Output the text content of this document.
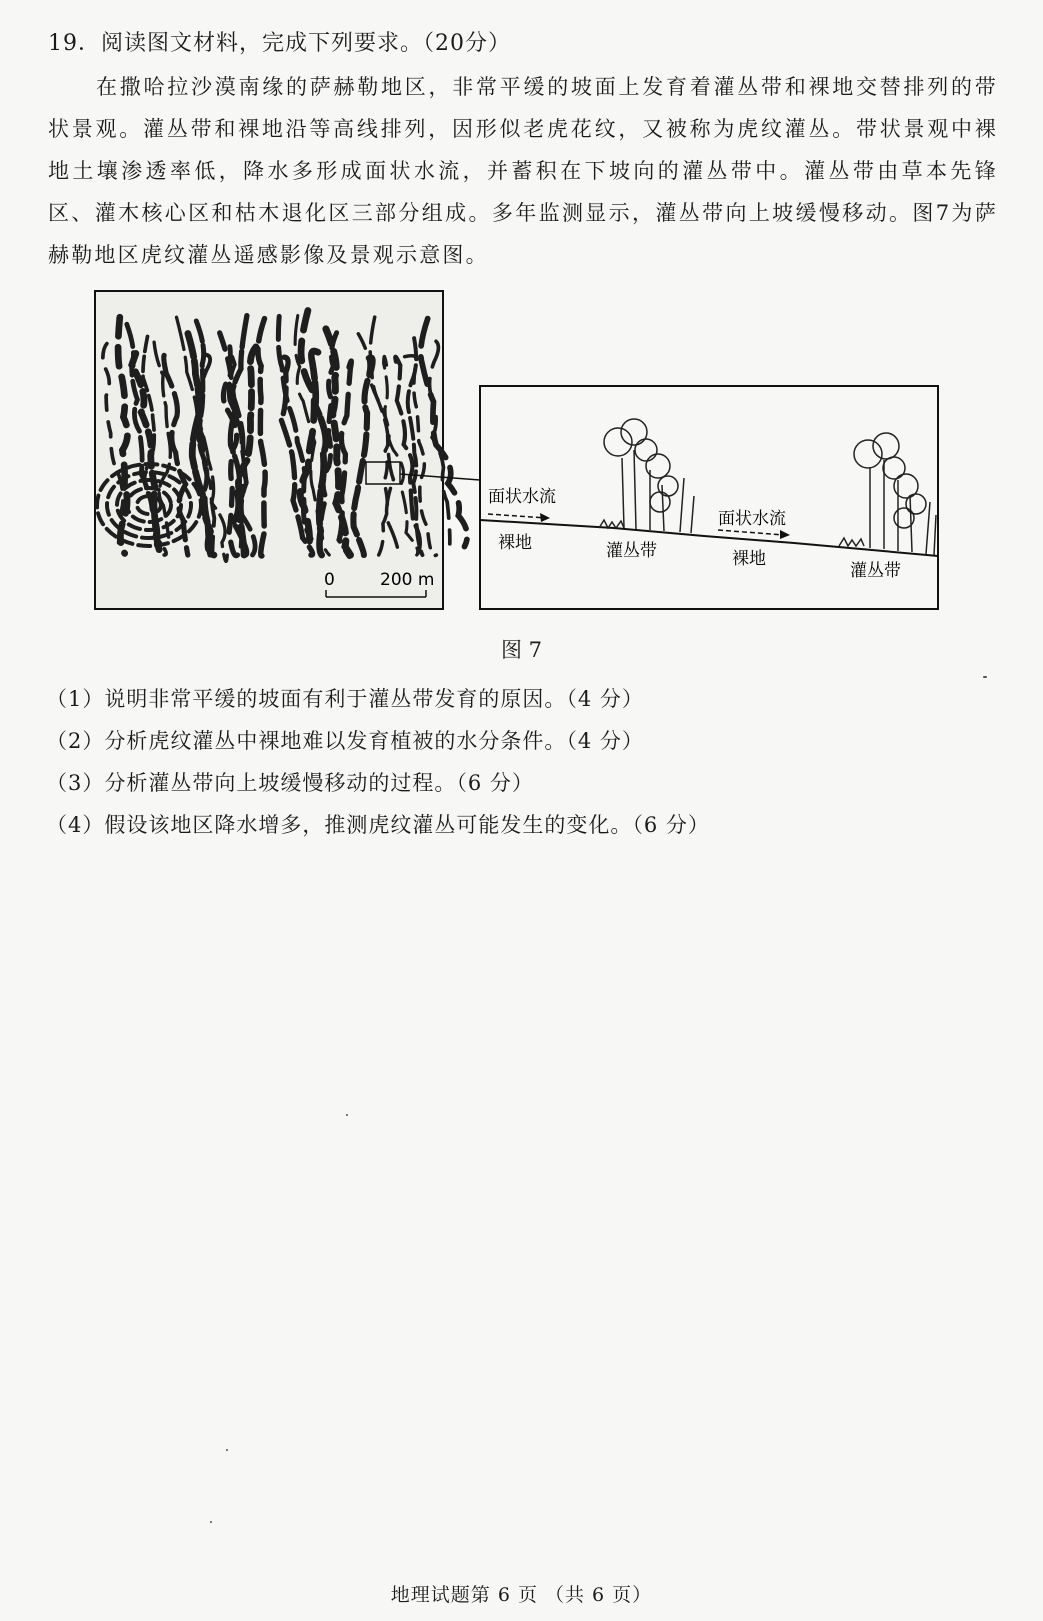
19．阅读图文材料，完成下列要求。（20分）
在撒哈拉沙漠南缘的萨赫勒地区，非常平缓的坡面上发育着灌丛带和裸地交替排列的带状景观。灌丛带和裸地沿等高线排列，因形似老虎花纹，又被称为虎纹灌丛。带状景观中裸地土壤渗透率低，降水多形成面状水流，并蓄积在下坡向的灌丛带中。灌丛带由草本先锋区、灌木核心区和枯木退化区三部分组成。多年监测显示，灌丛带向上坡缓慢移动。图7为萨赫勒地区虎纹灌丛遥感影像及景观示意图。
0	200 m
面状水流
裸地	灌丛带
面状水流
裸地
灌丛带
图 7
（1）说明非常平缓的坡面有利于灌丛带发育的原因。（4 分）
（2）分析虎纹灌丛中裸地难以发育植被的水分条件。（4 分）
（3）分析灌丛带向上坡缓慢移动的过程。（6 分）
（4）假设该地区降水增多，推测虎纹灌丛可能发生的变化。（6 分）
地理试题第 6 页 （共 6 页）
